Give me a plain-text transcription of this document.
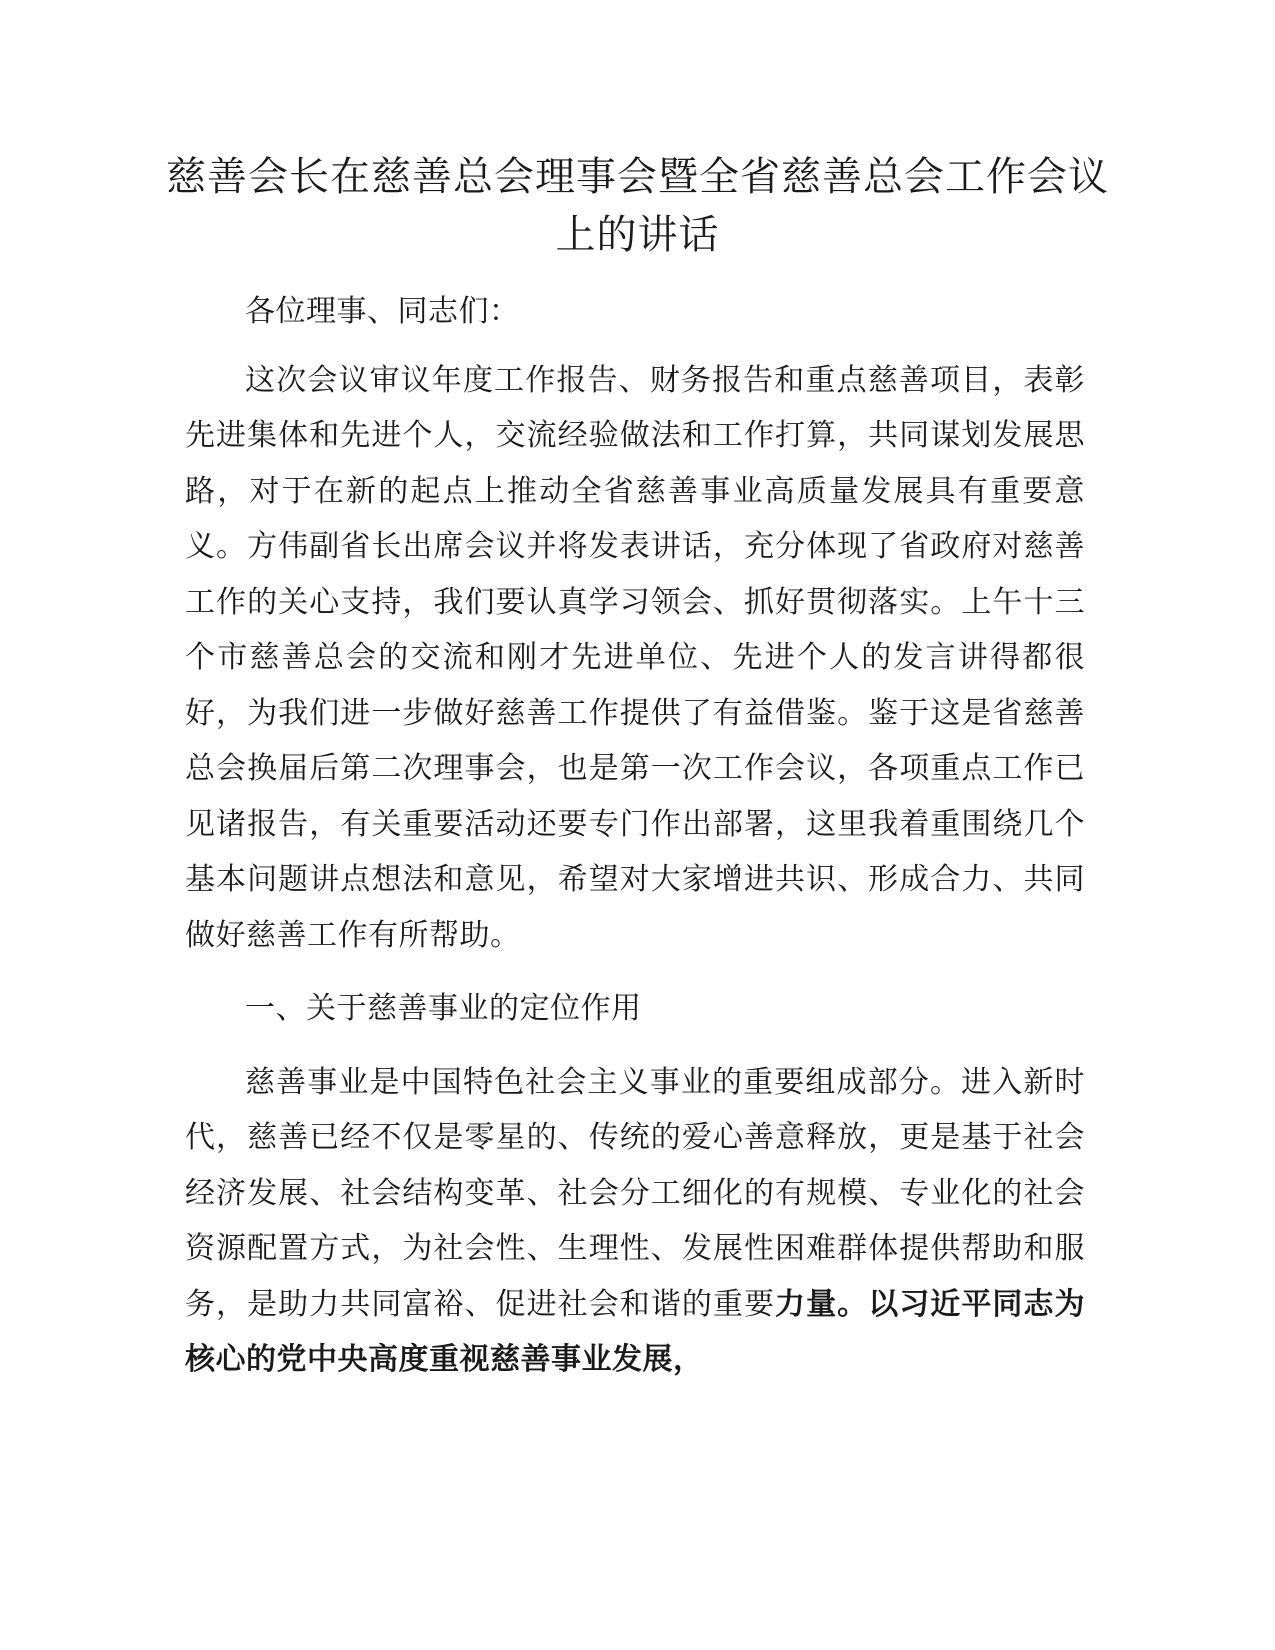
慈善会长在慈善总会理事会暨全省慈善总会工作会议上的讲话

各位理事、同志们：

这次会议审议年度工作报告、财务报告和重点慈善项目，表彰先进集体和先进个人，交流经验做法和工作打算，共同谋划发展思路，对于在新的起点上推动全省慈善事业高质量发展具有重要意义。方伟副省长出席会议并将发表讲话，充分体现了省政府对慈善工作的关心支持，我们要认真学习领会、抓好贯彻落实。上午十三个市慈善总会的交流和刚才先进单位、先进个人的发言讲得都很好，为我们进一步做好慈善工作提供了有益借鉴。鉴于这是省慈善总会换届后第二次理事会，也是第一次工作会议，各项重点工作已见诸报告，有关重要活动还要专门作出部署，这里我着重围绕几个基本问题讲点想法和意见，希望对大家增进共识、形成合力、共同做好慈善工作有所帮助。

一、关于慈善事业的定位作用

慈善事业是中国特色社会主义事业的重要组成部分。进入新时代，慈善已经不仅是零星的、传统的爱心善意释放，更是基于社会经济发展、社会结构变革、社会分工细化的有规模、专业化的社会资源配置方式，为社会性、生理性、发展性困难群体提供帮助和服务，是助力共同富裕、促进社会和谐的重要力量。以习近平同志为核心的党中央高度重视慈善事业发展，
